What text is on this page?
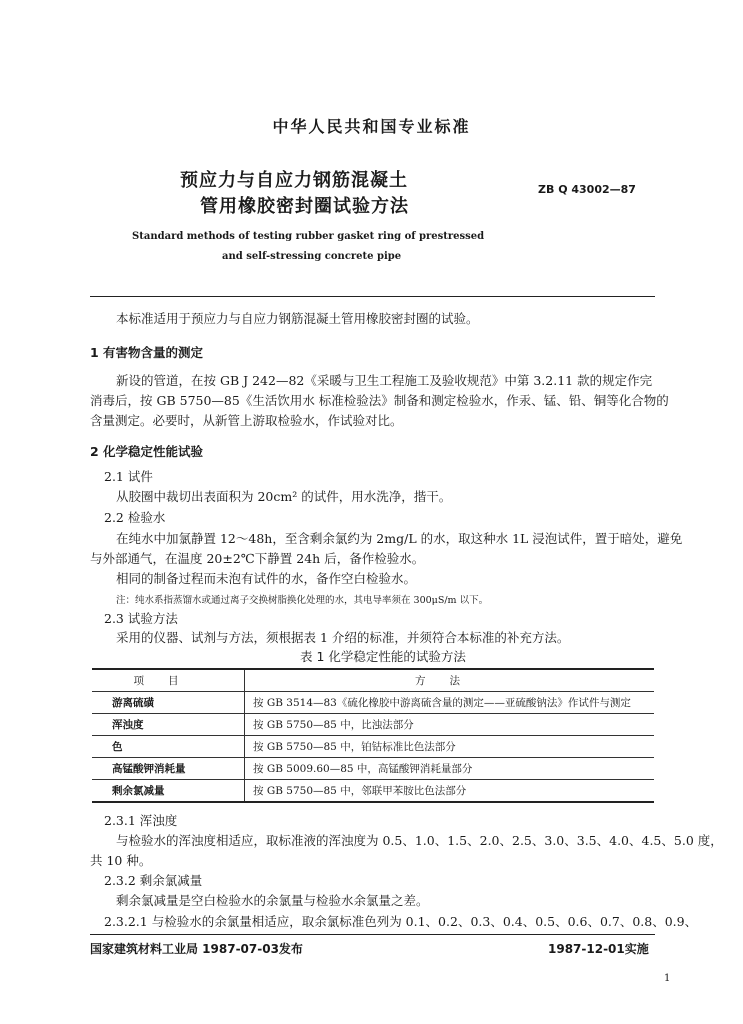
中华人民共和国专业标准
预应力与自应力钢筋混凝土
管用橡胶密封圈试验方法
ZB Q 43002—87
Standard methods of testing rubber gasket ring of prestressed
and self-stressing concrete pipe
本标准适用于预应力与自应力钢筋混凝土管用橡胶密封圈的试验。
1 有害物含量的测定
新设的管道，在按 GB J 242—82《采暖与卫生工程施工及验收规范》中第 3.2.11 款的规定作完
消毒后，按 GB 5750—85《生活饮用水 标准检验法》制备和测定检验水，作汞、锰、铅、铜等化合物的
含量测定。必要时，从新管上游取检验水，作试验对比。
2 化学稳定性能试验
2.1 试件
从胶圈中裁切出表面积为 20cm² 的试件，用水洗净，揩干。
2.2 检验水
在纯水中加氯静置 12～48h，至含剩余氯约为 2mg/L 的水，取这种水 1L 浸泡试件，置于暗处，避免
与外部通气，在温度 20±2℃下静置 24h 后，备作检验水。
相同的制备过程而未泡有试件的水，备作空白检验水。
注：纯水系指蒸馏水或通过离子交换树脂换化处理的水，其电导率须在 300μS/m 以下。
2.3 试验方法
采用的仪器、试剂与方法，须根据表 1 介绍的标准，并须符合本标准的补充方法。
表 1 化学稳定性能的试验方法
项目	方法
游离硫磺	按 GB 3514—83《硫化橡胶中游离硫含量的测定——亚硫酸钠法》作试件与测定
浑浊度	按 GB 5750—85 中，比浊法部分
色	按 GB 5750—85 中，铂钴标准比色法部分
高锰酸钾消耗量	按 GB 5009.60—85 中，高锰酸钾消耗量部分
剩余氯减量	按 GB 5750—85 中，邻联甲苯胺比色法部分
2.3.1 浑浊度
与检验水的浑浊度相适应，取标准液的浑浊度为 0.5、1.0、1.5、2.0、2.5、3.0、3.5、4.0、4.5、5.0 度，
共 10 种。
2.3.2 剩余氯减量
剩余氯减量是空白检验水的余氯量与检验水余氯量之差。
2.3.2.1 与检验水的余氯量相适应，取余氯标准色列为 0.1、0.2、0.3、0.4、0.5、0.6、0.7、0.8、0.9、
国家建筑材料工业局 1987-07-03发布	1987-12-01实施
1
